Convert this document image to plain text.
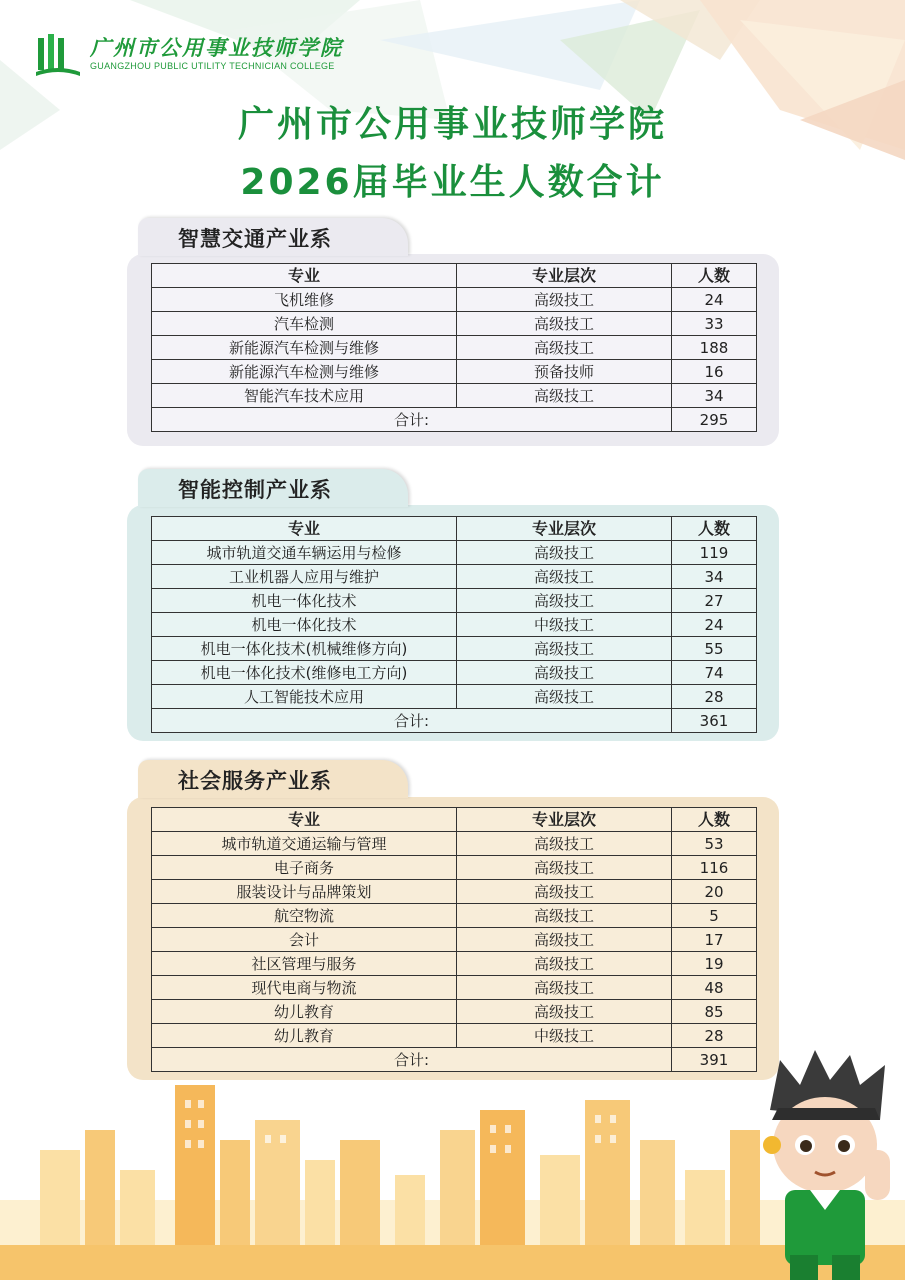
广州市公用事业技师学院
GUANGZHOU PUBLIC UTILITY TECHNICIAN COLLEGE
广州市公用事业技师学院
2026届毕业生人数合计
智慧交通产业系
专业	专业层次	人数
飞机维修	高级技工	24
汽车检测	高级技工	33
新能源汽车检测与维修	高级技工	188
新能源汽车检测与维修	预备技师	16
智能汽车技术应用	高级技工	34
合计:		295
智能控制产业系
专业	专业层次	人数
城市轨道交通车辆运用与检修	高级技工	119
工业机器人应用与维护	高级技工	34
机电一体化技术	高级技工	27
机电一体化技术	中级技工	24
机电一体化技术(机械维修方向)	高级技工	55
机电一体化技术(维修电工方向)	高级技工	74
人工智能技术应用	高级技工	28
合计:		361
社会服务产业系
专业	专业层次	人数
城市轨道交通运输与管理	高级技工	53
电子商务	高级技工	116
服装设计与品牌策划	高级技工	20
航空物流	高级技工	5
会计	高级技工	17
社区管理与服务	高级技工	19
现代电商与物流	高级技工	48
幼儿教育	高级技工	85
幼儿教育	中级技工	28
合计:		391
